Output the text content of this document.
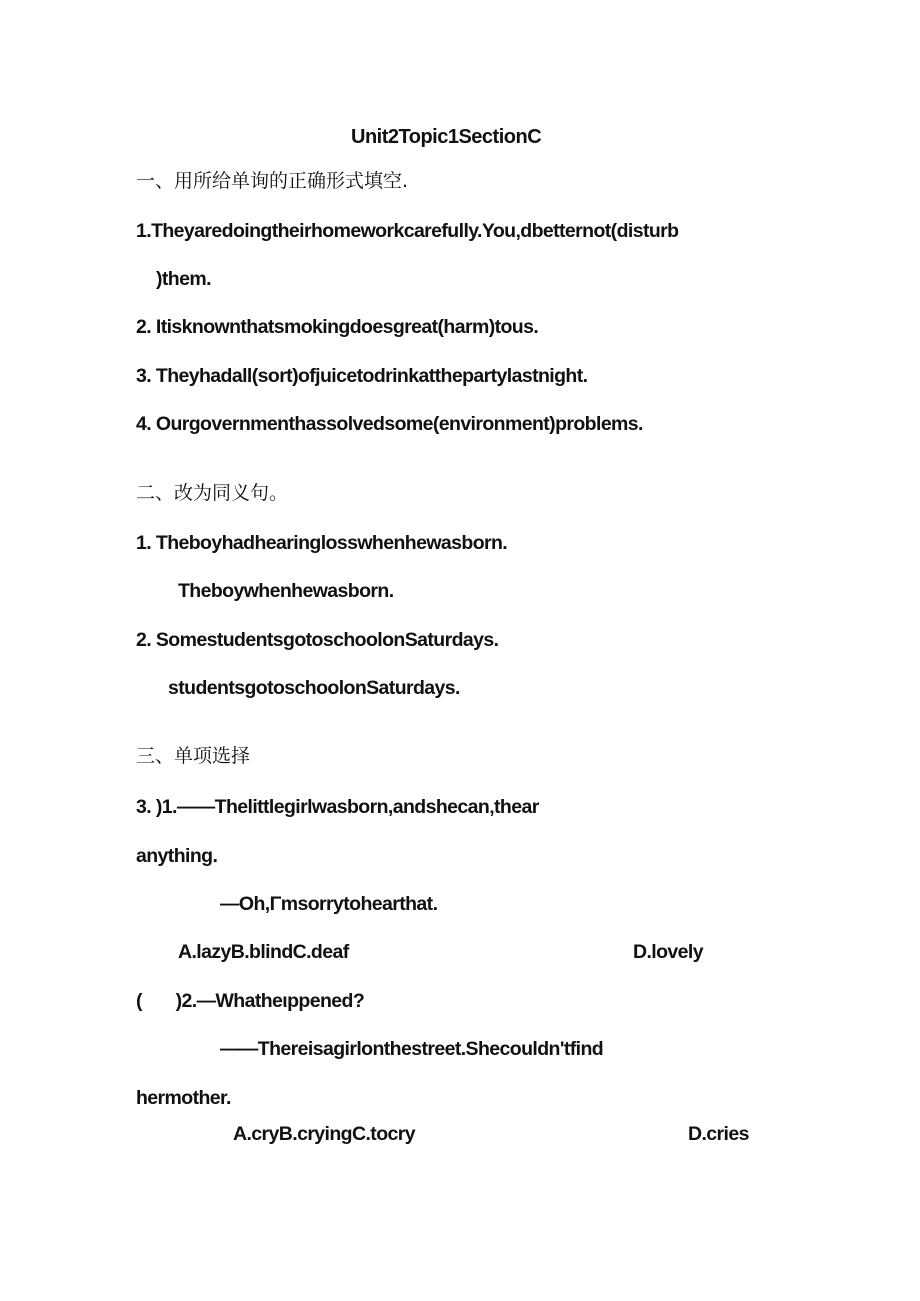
Unit2Topic1SectionC
一、用所给单询的正确形式填空.
1.Theyaredoingtheirhomeworkcarefully.You‚dbetternot(disturb
)them.
2. Itisknownthatsmokingdoesgreat(harm)tous.
3. Theyhadall(sort)ofjuicetodrinkatthepartylastnight.
4. Ourgovernmenthassolvedsome(environment)problems.
二、改为同义句。
1. Theboyhadhearinglosswhenhewasborn.
Theboywhenhewasborn.
2. SomestudentsgotoschoolonSaturdays.
studentsgotoschoolonSaturdays.
三、单项选择
3. )1.——Thelittlegirlwasborn,andshecan‚thear
anything.
—Oh,Γmsorrytohearthat.
A.lazyB.blindC.deaf	D.lovely
(       )2.—Whatheιppened?
——Thereisagirlonthestreet.Shecouldn'tfind
hermother.
A.cryB.cryingC.tocry	D.cries
